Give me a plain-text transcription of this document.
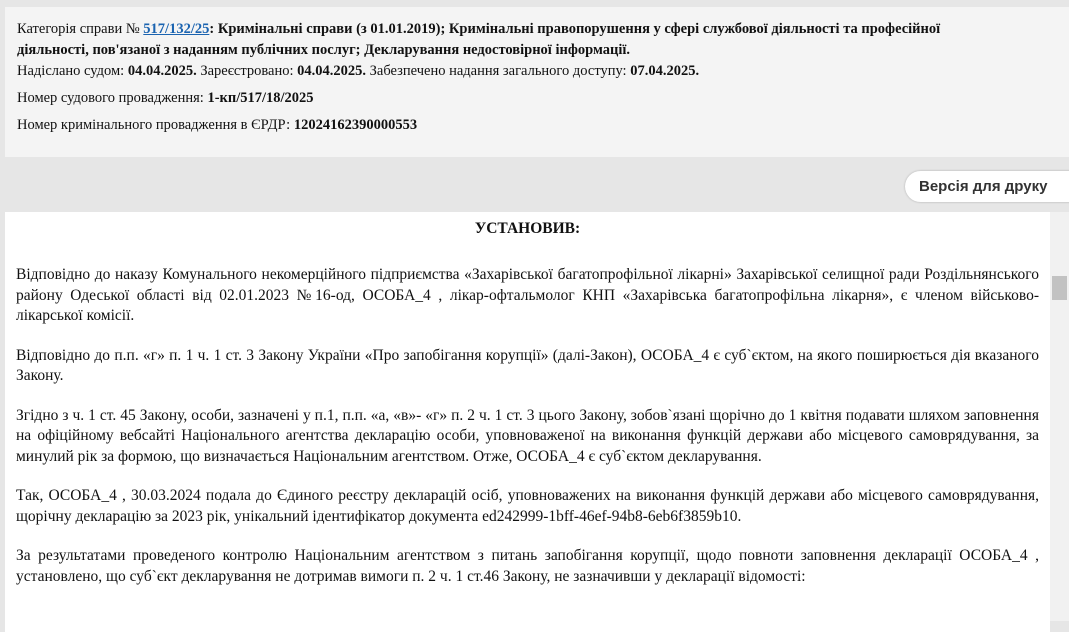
Категорія справи № 517/132/25: Кримінальні справи (з 01.01.2019); Кримінальні правопорушення у сфері службової діяльності та професійної

діяльності, пов'язаної з наданням публічних послуг; Декларування недостовірної інформації.

Надіслано судом: 04.04.2025. Зареєстровано: 04.04.2025. Забезпечено надання загального доступу: 07.04.2025.

Номер судового провадження: 1-кп/517/18/2025

Номер кримінального провадження в ЄРДР: 12024162390000553

Версія для друку
УСТАНОВИВ:

Відповідно до наказу Комунального некомерційного підприємства «Захарівської багатопрофільної лікарні» Захарівської селищної ради Роздільнянського району Одеської області від 02.01.2023 №16-од, ОСОБА_4 , лікар-офтальмолог КНП «Захарівська багатопрофільна лікарня», є членом військово-лікарської комісії.

Відповідно до п.п. «г» п. 1 ч. 1 ст. 3 Закону України «Про запобігання корупції» (далі-Закон), ОСОБА_4 є суб`єктом, на якого поширюється дія вказаного Закону.

Згідно з ч. 1 ст. 45 Закону, особи, зазначені у п.1, п.п. «а, «в»- «г» п. 2 ч. 1 ст. 3 цього Закону, зобов`язані щорічно до 1 квітня подавати шляхом заповнення на офіційному вебсайті Національного агентства декларацію особи, уповноваженої на виконання функцій держави або місцевого самоврядування, за минулий рік за формою, що визначається Національним агентством. Отже, ОСОБА_4 є суб`єктом декларування.

Так, ОСОБА_4 , 30.03.2024 подала до Єдиного реєстру декларацій осіб, уповноважених на виконання функцій держави або місцевого самоврядування, щорічну декларацію за 2023 рік, унікальний ідентифікатор документа ed242999-1bff-46ef-94b8-6eb6f3859b10.

За результатами проведеного контролю Національним агентством з питань запобігання корупції, щодо повноти заповнення декларації ОСОБА_4 , установлено, що суб`єкт декларування не дотримав вимоги п. 2 ч. 1 ст.46 Закону, не зазначивши у декларації відомості:
